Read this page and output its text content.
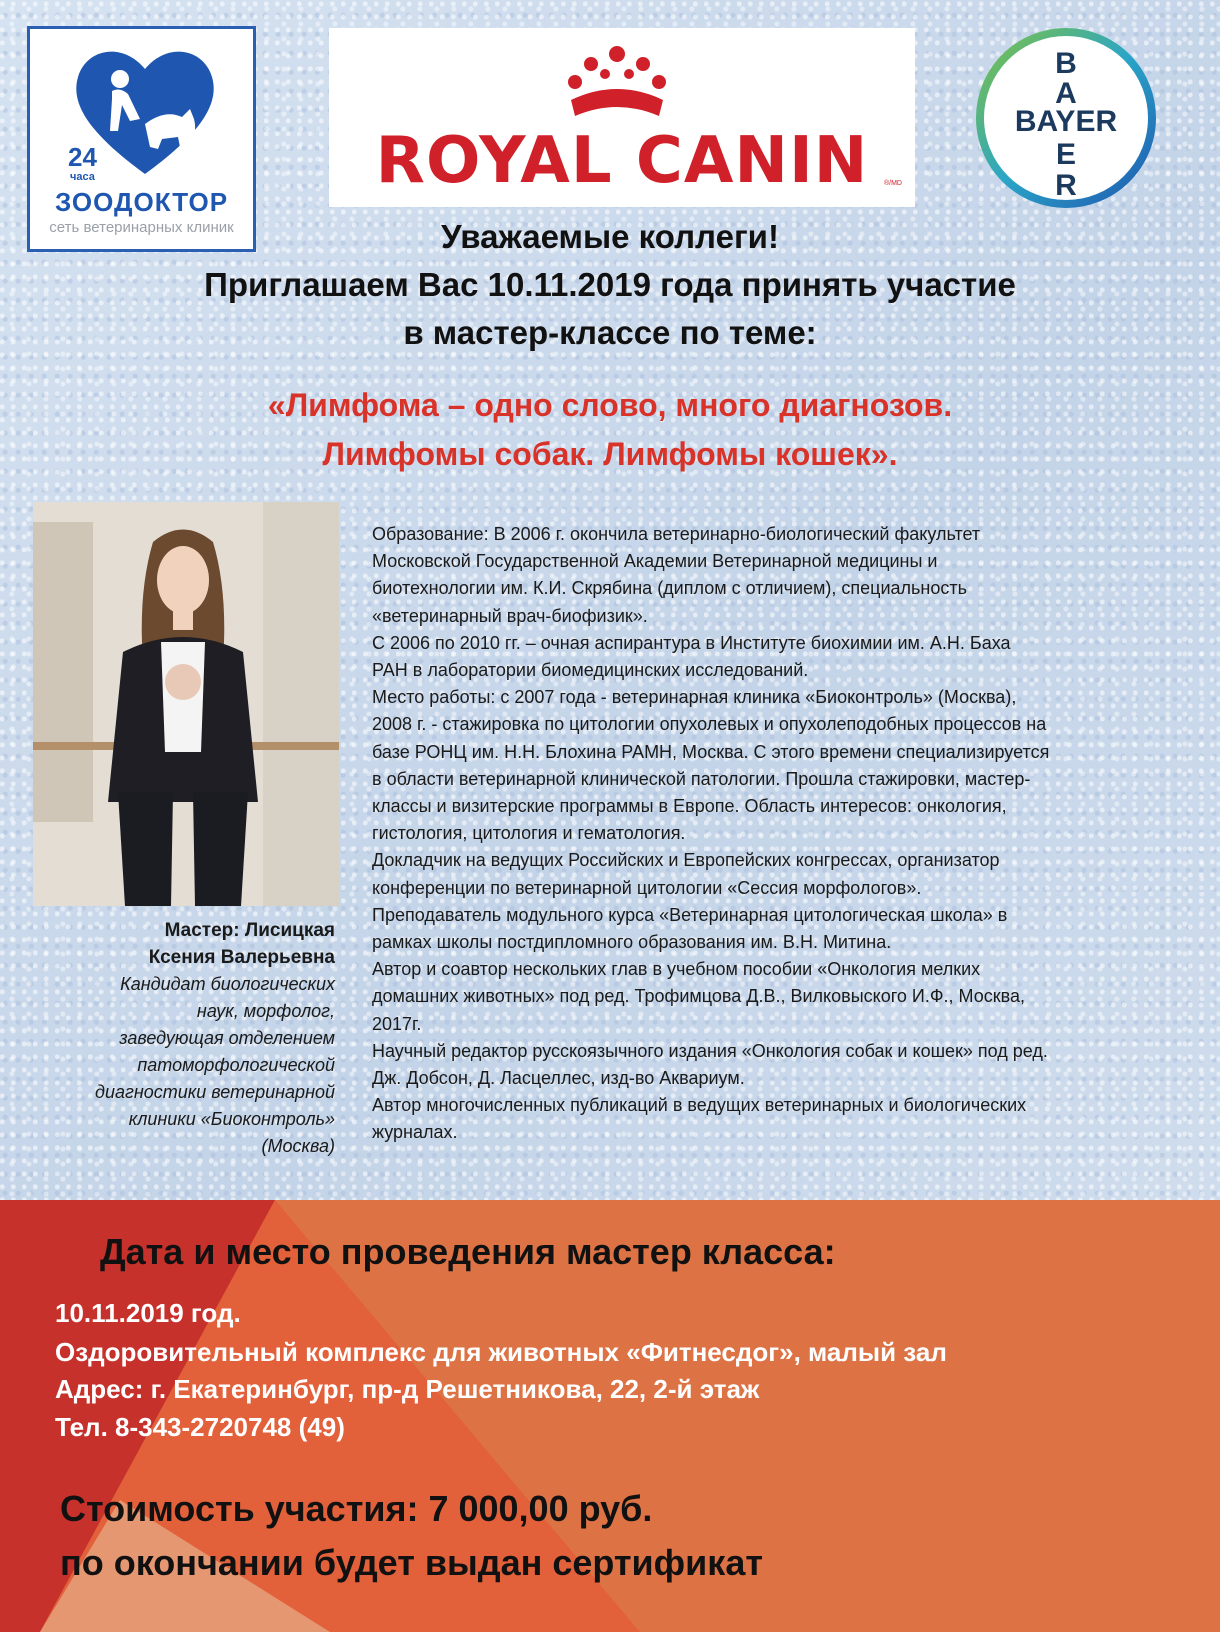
24
часа
ЗООДОКТОР
сеть ветеринарных клиник
ROYAL CANIN	®/MD
B
A
E
R
BAYER
Уважаемые коллеги!
Приглашаем Вас 10.11.2019 года принять участие
в мастер-классе по теме:
«Лимфома – одно слово, много диагнозов.
Лимфомы собак. Лимфомы кошек».
Мастер: Лисицкая
Ксения Валерьевна
Кандидат биологических
наук, морфолог,
заведующая отделением
патоморфологической
диагностики ветеринарной
клиники «Биоконтроль»
(Москва)
Образование: В 2006 г. окончила ветеринарно-биологический факультет
Московской Государственной Академии Ветеринарной медицины и
биотехнологии им. К.И. Скрябина (диплом с отличием), специальность
«ветеринарный врач-биофизик».
С 2006 по 2010 гг. – очная аспирантура в Институте биохимии им. А.Н. Баха
РАН в лаборатории биомедицинских исследований.
Место работы: с 2007 года - ветеринарная клиника «Биоконтроль» (Москва),
2008 г. - стажировка по цитологии опухолевых и опухолеподобных процессов на
базе РОНЦ им. Н.Н. Блохина РАМН, Москва. С этого времени специализируется
в области ветеринарной клинической патологии. Прошла стажировки, мастер-
классы и визитерские программы в Европе. Область интересов: онкология,
гистология, цитология и гематология.
Докладчик на ведущих Российских и Европейских конгрессах, организатор
конференции по ветеринарной цитологии «Сессия морфологов».
Преподаватель модульного курса «Ветеринарная цитологическая школа» в
рамках школы постдипломного образования им. В.Н. Митина.
Автор и соавтор нескольких глав в учебном пособии «Онкология мелких
домашних животных» под ред. Трофимцова Д.В., Вилковыского И.Ф., Москва,
2017г.
Научный редактор русскоязычного издания «Онкология собак и кошек» под ред.
Дж. Добсон, Д. Ласцеллес, изд-во Аквариум.
Автор многочисленных публикаций в ведущих ветеринарных и биологических
журналах.
Дата и место проведения мастер класса:
10.11.2019 год.
Оздоровительный комплекс для животных «Фитнесдог», малый зал
Адрес: г. Екатеринбург, пр-д Решетникова, 22, 2-й этаж
Тел. 8-343-2720748 (49)
Стоимость участия: 7 000,00 руб.
по окончании будет выдан сертификат
